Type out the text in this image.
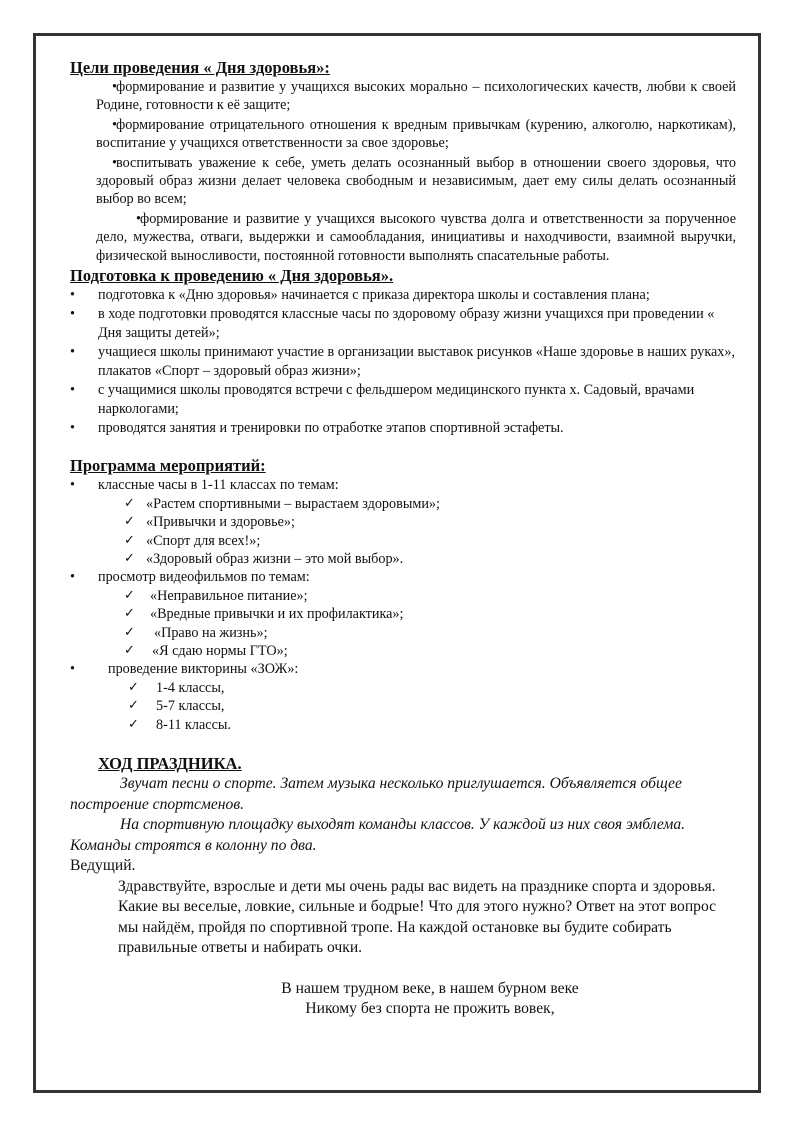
Цели проведения « Дня здоровья»:

• формирование и развитие у учащихся высоких морально – психологических качеств, любви к своей Родине, готовности к её защите;
• формирование отрицательного отношения к вредным привычкам (курению, алкоголю, наркотикам), воспитание у учащихся ответственности за свое здоровье;
• воспитывать уважение к себе, уметь делать осознанный выбор в отношении своего здоровья, что здоровый образ жизни делает человека свободным и независимым, дает ему силы делать осознанный выбор во всем;
• формирование и развитие у учащихся высокого чувства долга и ответственности за порученное дело, мужества, отваги, выдержки и самообладания, инициативы и находчивости, взаимной выручки, физической выносливости, постоянной готовности выполнять спасательные работы.

Подготовка к проведению « Дня здоровья».

• подготовка к «Дню здоровья» начинается с приказа директора школы и составления плана;
• в ходе подготовки проводятся классные часы по здоровому образу жизни учащихся при проведении « Дня защиты детей»;
• учащиеся школы принимают участие в организации выставок рисунков «Наше здоровье в наших руках», плакатов «Спорт – здоровый образ жизни»;
• с учащимися школы проводятся встречи с фельдшером медицинского пункта х. Садовый, врачами наркологами;
• проводятся занятия и тренировки по отработке этапов спортивной эстафеты.

Программа мероприятий:

• классные часы в 1-11 классах по темам:
✓ «Растем спортивными – вырастаем здоровыми»;
✓ «Привычки и здоровье»;
✓ «Спорт для всех!»;
✓ «Здоровый образ жизни – это мой выбор».
• просмотр видеофильмов по темам:
✓ «Неправильное питание»;
✓ «Вредные привычки и их профилактика»;
✓ «Право на жизнь»;
✓ «Я сдаю нормы ГТО»;
• проведение викторины «ЗОЖ»:
✓ 1-4 классы,
✓ 5-7 классы,
✓ 8-11 классы.

ХОД ПРАЗДНИКА.

Звучат песни о спорте. Затем музыка несколько приглушается. Объявляется общее построение спортсменов.

На спортивную площадку выходят команды классов. У каждой из них своя эмблема. Команды строятся в колонну по два.

Ведущий.

Здравствуйте, взрослые и дети мы очень рады вас видеть на празднике спорта и здоровья. Какие вы веселые, ловкие, сильные и бодрые! Что для этого нужно? Ответ на этот вопрос мы найдём, пройдя по спортивной тропе. На каждой остановке вы будите собирать правильные ответы и набирать очки.

В нашем трудном веке, в нашем бурном веке

Никому без спорта не прожить вовек,
